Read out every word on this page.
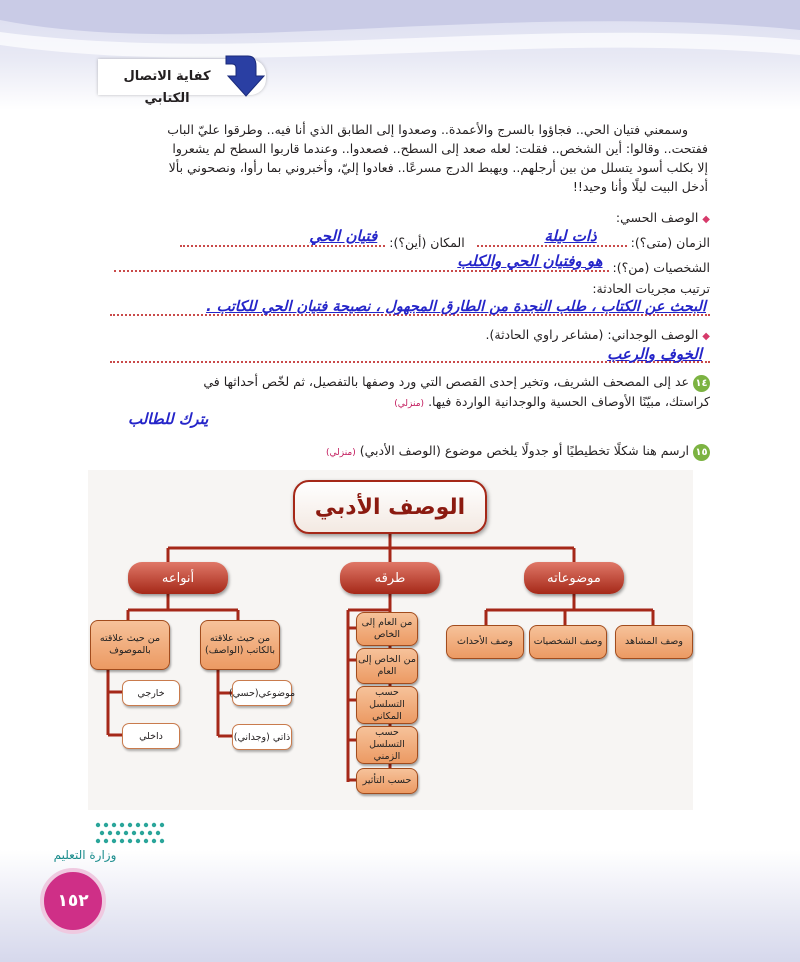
كفاية الاتصال الكتابي
وسمعني فتيان الحي.. فجاؤوا بالسرج والأعمدة.. وصعدوا إلى الطابق الذي أنا فيه.. وطرقوا عليّ الباب
ففتحت.. وقالوا: أين الشخص.. فقلت: لعله صعد إلى السطح.. فصعدوا.. وعندما قاربوا السطح لم يشعروا
إلا بكلب أسود يتسلل من بين أرجلهم.. ويهبط الدرج مسرعًا.. فعادوا إليّ، وأخبروني بما رأوا، ونصحوني بألا
أدخل البيت ليلًا وأنا وحيد!!
◆ الوصف الحسي:
الزمان (متى؟):
ذات ليلة
المكان (أين؟):
فتيان الحي
الشخصيات (من؟):
هو وفتيان الحي والكلب
ترتيب مجريات الحادثة:
البحث عن الكتاب ، طلب النجدة من الطارق المجهول ، نصيحة فتيان الحي للكاتب .
◆ الوصف الوجداني: (مشاعر راوي الحادثة).
الخوف والرعب
١٤ عد إلى المصحف الشريف، وتخير إحدى القصص التي ورد وصفها بالتفصيل، ثم لخّص أحداثها في
كراستك، مبيّنًا الأوصاف الحسية والوجدانية الواردة فيها. (منزلي)
يترك للطالب
١٥ ارسم هنا شكلًا تخطيطيًا أو جدولًا يلخص موضوع (الوصف الأدبي) (منزلي)
الوصف الأدبي
أنواعه	طرقه	موضوعاته
من حيث علاقته بالكاتب (الواصف)
من حيث علاقته بالموصوف
موضوعي(حسي)
ذاتي (وجداني)
خارجي
داخلي
من العام إلى الخاص
من الخاص إلى العام
حسب التسلسل المكاني
حسب التسلسل الزمني
حسب التأثير
وصف المشاهد
وصف الشخصيات
وصف الأحداث
وزارة التعليم
١٥٢
